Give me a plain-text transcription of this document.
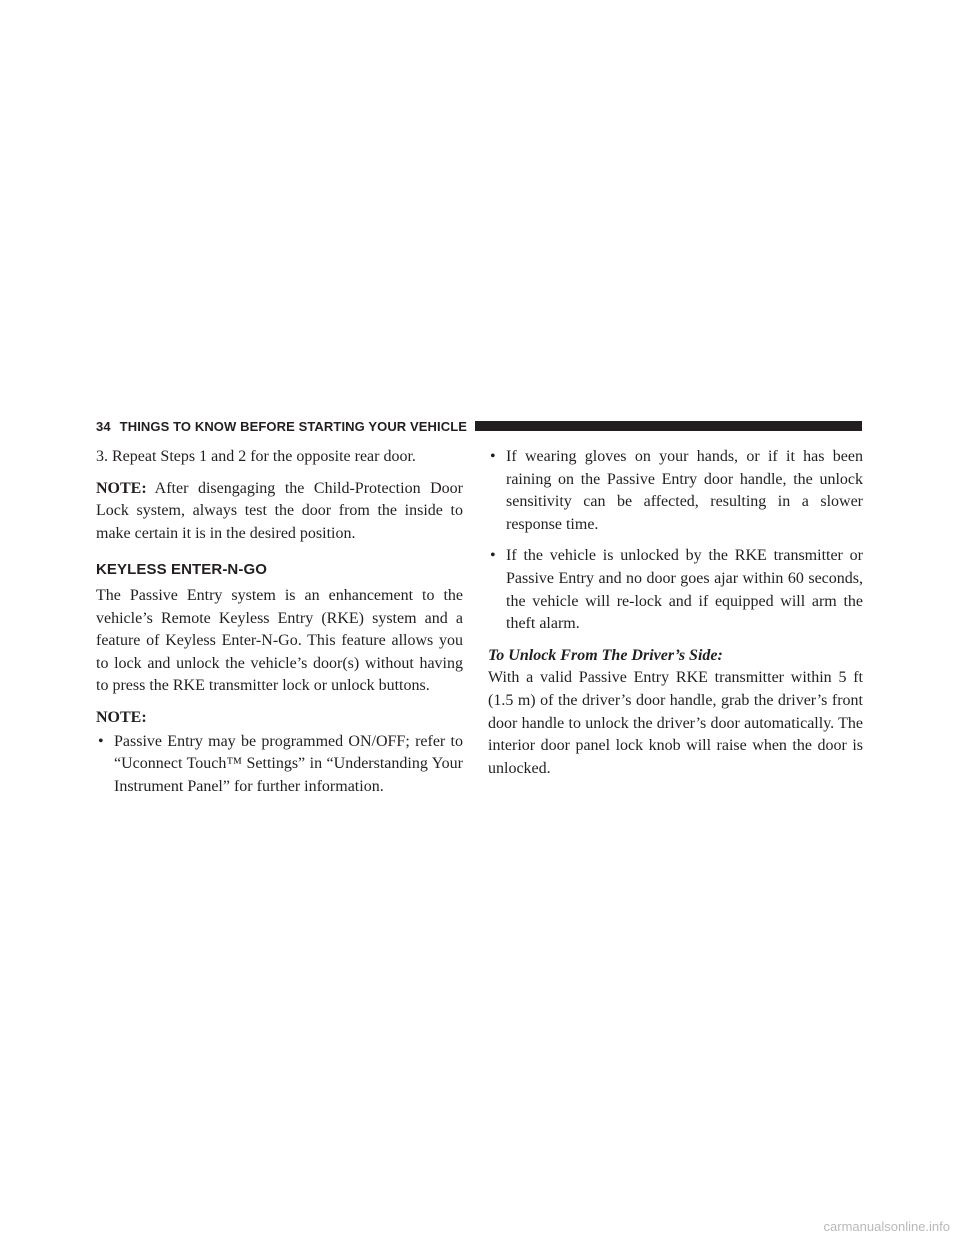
34 THINGS TO KNOW BEFORE STARTING YOUR VEHICLE

3. Repeat Steps 1 and 2 for the opposite rear door.

NOTE: After disengaging the Child-Protection Door Lock system, always test the door from the inside to make certain it is in the desired position.

KEYLESS ENTER-N-GO

The Passive Entry system is an enhancement to the vehicle’s Remote Keyless Entry (RKE) system and a feature of Keyless Enter-N-Go. This feature allows you to lock and unlock the vehicle’s door(s) without having to press the RKE transmitter lock or unlock buttons.

NOTE:

• Passive Entry may be programmed ON/OFF; refer to “Uconnect Touch™ Settings” in “Understanding Your Instrument Panel” for further information.
• If wearing gloves on your hands, or if it has been raining on the Passive Entry door handle, the unlock sensitivity can be affected, resulting in a slower response time.
• If the vehicle is unlocked by the RKE transmitter or Passive Entry and no door goes ajar within 60 seconds, the vehicle will re-lock and if equipped will arm the theft alarm.

To Unlock From The Driver’s Side:

With a valid Passive Entry RKE transmitter within 5 ft (1.5 m) of the driver’s door handle, grab the driver’s front door handle to unlock the driver’s door automatically. The interior door panel lock knob will raise when the door is unlocked.

carmanualsonline.info
